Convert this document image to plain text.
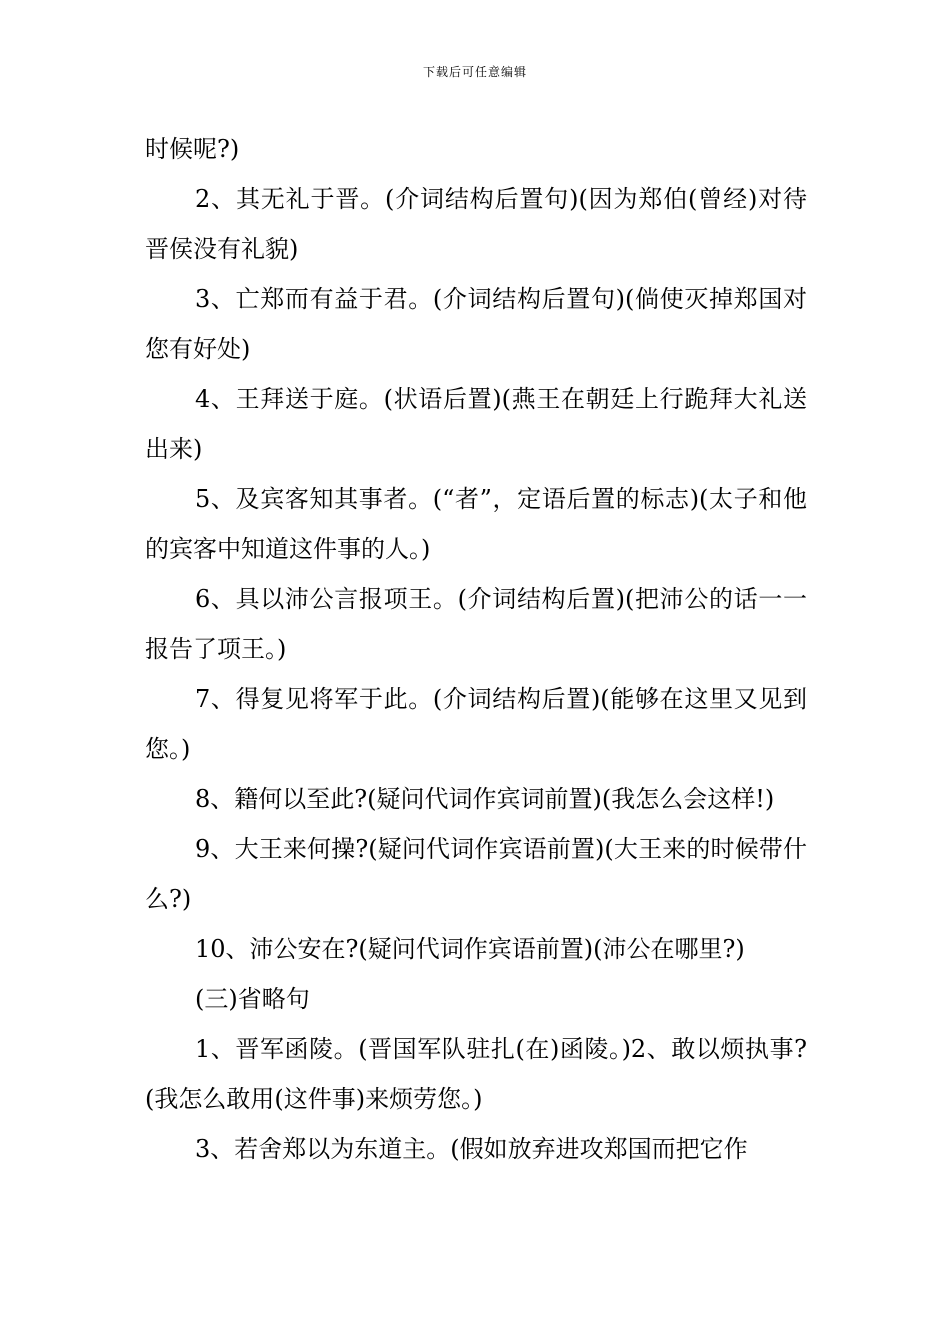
下载后可任意编辑

时候呢?)

2、其无礼于晋。(介词结构后置句)(因为郑伯(曾经)对待晋侯没有礼貌)

3、亡郑而有益于君。(介词结构后置句)(倘使灭掉郑国对您有好处)

4、王拜送于庭。(状语后置)(燕王在朝廷上行跪拜大礼送出来)

5、及宾客知其事者。(“者”，定语后置的标志)(太子和他的宾客中知道这件事的人。)

6、具以沛公言报项王。(介词结构后置)(把沛公的话一一报告了项王。)

7、得复见将军于此。(介词结构后置)(能够在这里又见到您。)

8、籍何以至此?(疑问代词作宾词前置)(我怎么会这样!)

9、大王来何操?(疑问代词作宾语前置)(大王来的时候带什么?)

10、沛公安在?(疑问代词作宾语前置)(沛公在哪里?)

(三)省略句

1、晋军函陵。(晋国军队驻扎(在)函陵。)2、敢以烦执事?(我怎么敢用(这件事)来烦劳您。)

3、若舍郑以为东道主。(假如放弃进攻郑国而把它作
